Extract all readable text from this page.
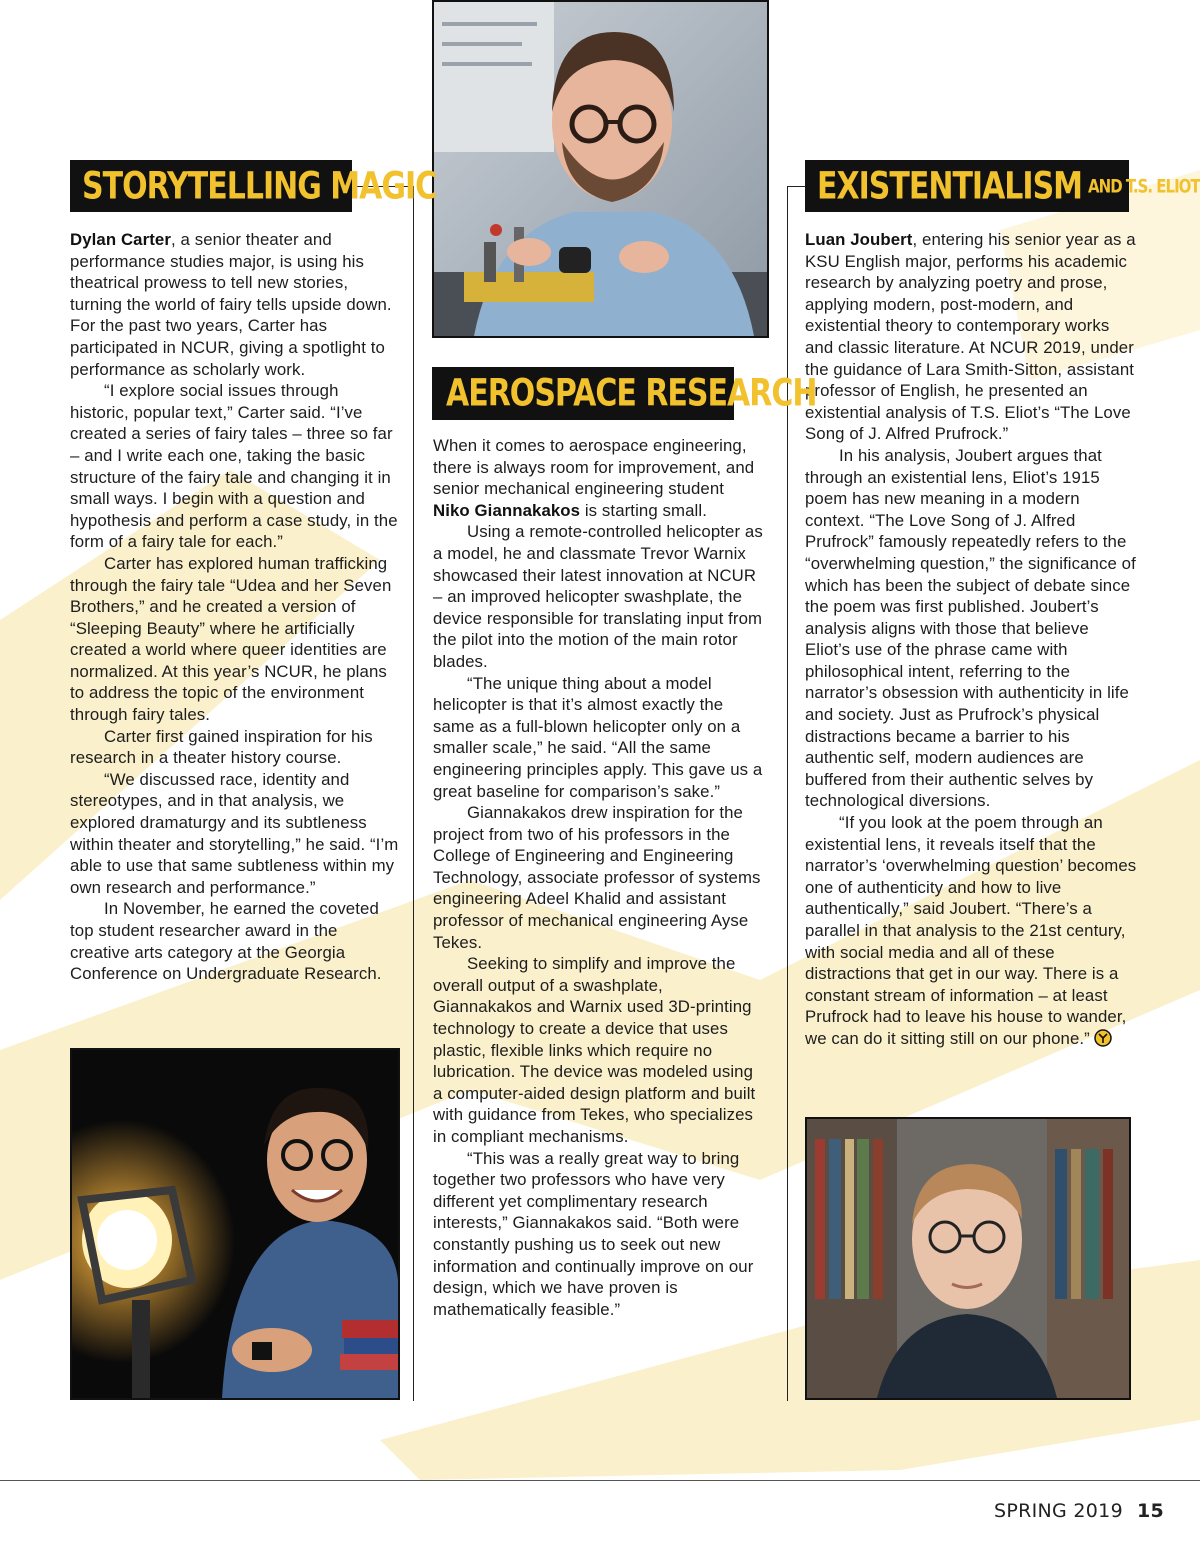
STORYTELLING MAGIC
AEROSPACE RESEARCH
EXISTENTIALISM AND T.S. ELIOT

Dylan Carter, a senior theater and performance studies major, is using his theatrical prowess to tell new stories, turning the world of fairy tells upside down. For the past two years, Carter has participated in NCUR, giving a spotlight to performance as scholarly work.

“I explore social issues through historic, popular text,” Carter said. “I’ve created a series of fairy tales – three so far – and I write each one, taking the basic structure of the fairy tale and changing it in small ways. I begin with a question and hypothesis and perform a case study, in the form of a fairy tale for each.”

Carter has explored human trafficking through the fairy tale “Udea and her Seven Brothers,” and he created a version of “Sleeping Beauty” where he artificially created a world where queer identities are normalized. At this year’s NCUR, he plans to address the topic of the environment through fairy tales.

Carter first gained inspiration for his research in a theater history course.

“We discussed race, identity and stereotypes, and in that analysis, we explored dramaturgy and its subtleness within theater and storytelling,” he said. “I’m able to use that same subtleness within my own research and performance.”

In November, he earned the coveted top student researcher award in the creative arts category at the Georgia Conference on Undergraduate Research.

When it comes to aerospace engineering, there is always room for improvement, and senior mechanical engineering student Niko Giannakakos is starting small.

Using a remote-controlled helicopter as a model, he and classmate Trevor Warnix showcased their latest innovation at NCUR – an improved helicopter swashplate, the device responsible for translating input from the pilot into the motion of the main rotor blades.

“The unique thing about a model helicopter is that it’s almost exactly the same as a full-blown helicopter only on a smaller scale,” he said. “All the same engineering principles apply. This gave us a great baseline for comparison’s sake.”

Giannakakos drew inspiration for the project from two of his professors in the College of Engineering and Engineering Technology, associate professor of systems engineering Adeel Khalid and assistant professor of mechanical engineering Ayse Tekes.

Seeking to simplify and improve the overall output of a swashplate, Giannakakos and Warnix used 3D-printing technology to create a device that uses plastic, flexible links which require no lubrication. The device was modeled using a computer-aided design platform and built with guidance from Tekes, who specializes in compliant mechanisms.

“This was a really great way to bring together two professors who have very different yet complimentary research interests,” Giannakakos said. “Both were constantly pushing us to seek out new information and continually improve on our design, which we have proven is mathematically feasible.”

Luan Joubert, entering his senior year as a KSU English major, performs his academic research by analyzing poetry and prose, applying modern, post-modern, and existential theory to contemporary works and classic literature. At NCUR 2019, under the guidance of Lara Smith-Sitton, assistant professor of English, he presented an existential analysis of T.S. Eliot’s “The Love Song of J. Alfred Prufrock.”

In his analysis, Joubert argues that through an existential lens, Eliot’s 1915 poem has new meaning in a modern context. “The Love Song of J. Alfred Prufrock” famously repeatedly refers to the “overwhelming question,” the significance of which has been the subject of debate since the poem was first published. Joubert’s analysis aligns with those that believe Eliot’s use of the phrase came with philosophical intent, referring to the narrator’s obsession with authenticity in life and society. Just as Prufrock’s physical distractions became a barrier to his authentic self, modern audiences are buffered from their authentic selves by technological diversions.

“If you look at the poem through an existential lens, it reveals itself that the narrator’s ‘overwhelming question’ becomes one of authenticity and how to live authentically,” said Joubert. “There’s a parallel in that analysis to the 21st century, with social media and all of these distractions that get in our way. There is a constant stream of information – at least Prufrock had to leave his house to wander, we can do it sitting still on our phone.”

SPRING 2019 15
